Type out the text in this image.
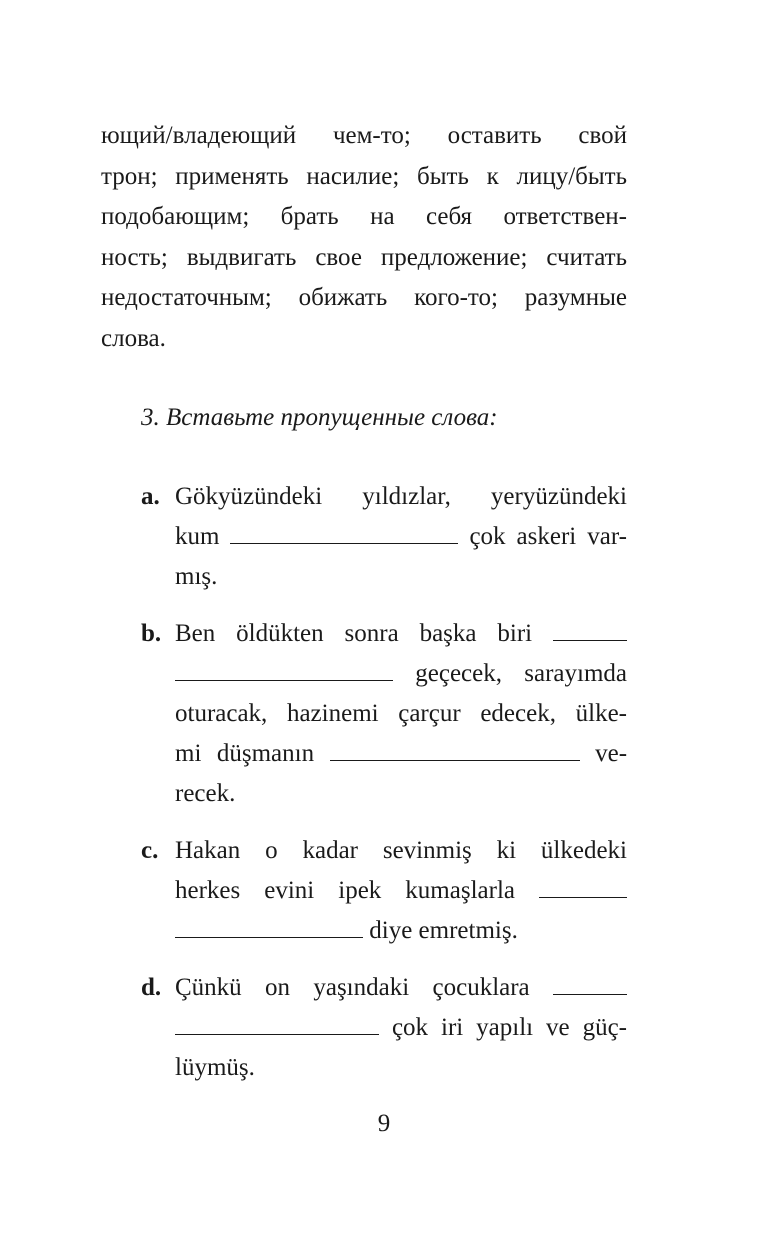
ющий/владеющий чем-то; оставить свой
трон; применять насилие; быть к лицу/быть
подобающим; брать на себя ответствен-
ность; выдвигать свое предложение; считать
недостаточным; обижать кого-то; разумные
слова.

3. Вставьте пропущенные слова:

a. Gökyüzündeki yıldızlar, yeryüzündeki
kum	çok askeri var-
mış.
b. Ben öldükten sonra başka biri
geçecek, sarayımda
oturacak, hazinemi çarçur edecek, ülke-
mi düşmanın	ve-
recek.
c. Hakan o kadar sevinmiş ki ülkedeki
herkes evini ipek kumaşlarla
diye emretmiş.
d. Çünkü on yaşındaki çocuklara
çok iri yapılı ve güç-
lüymüş.
9
